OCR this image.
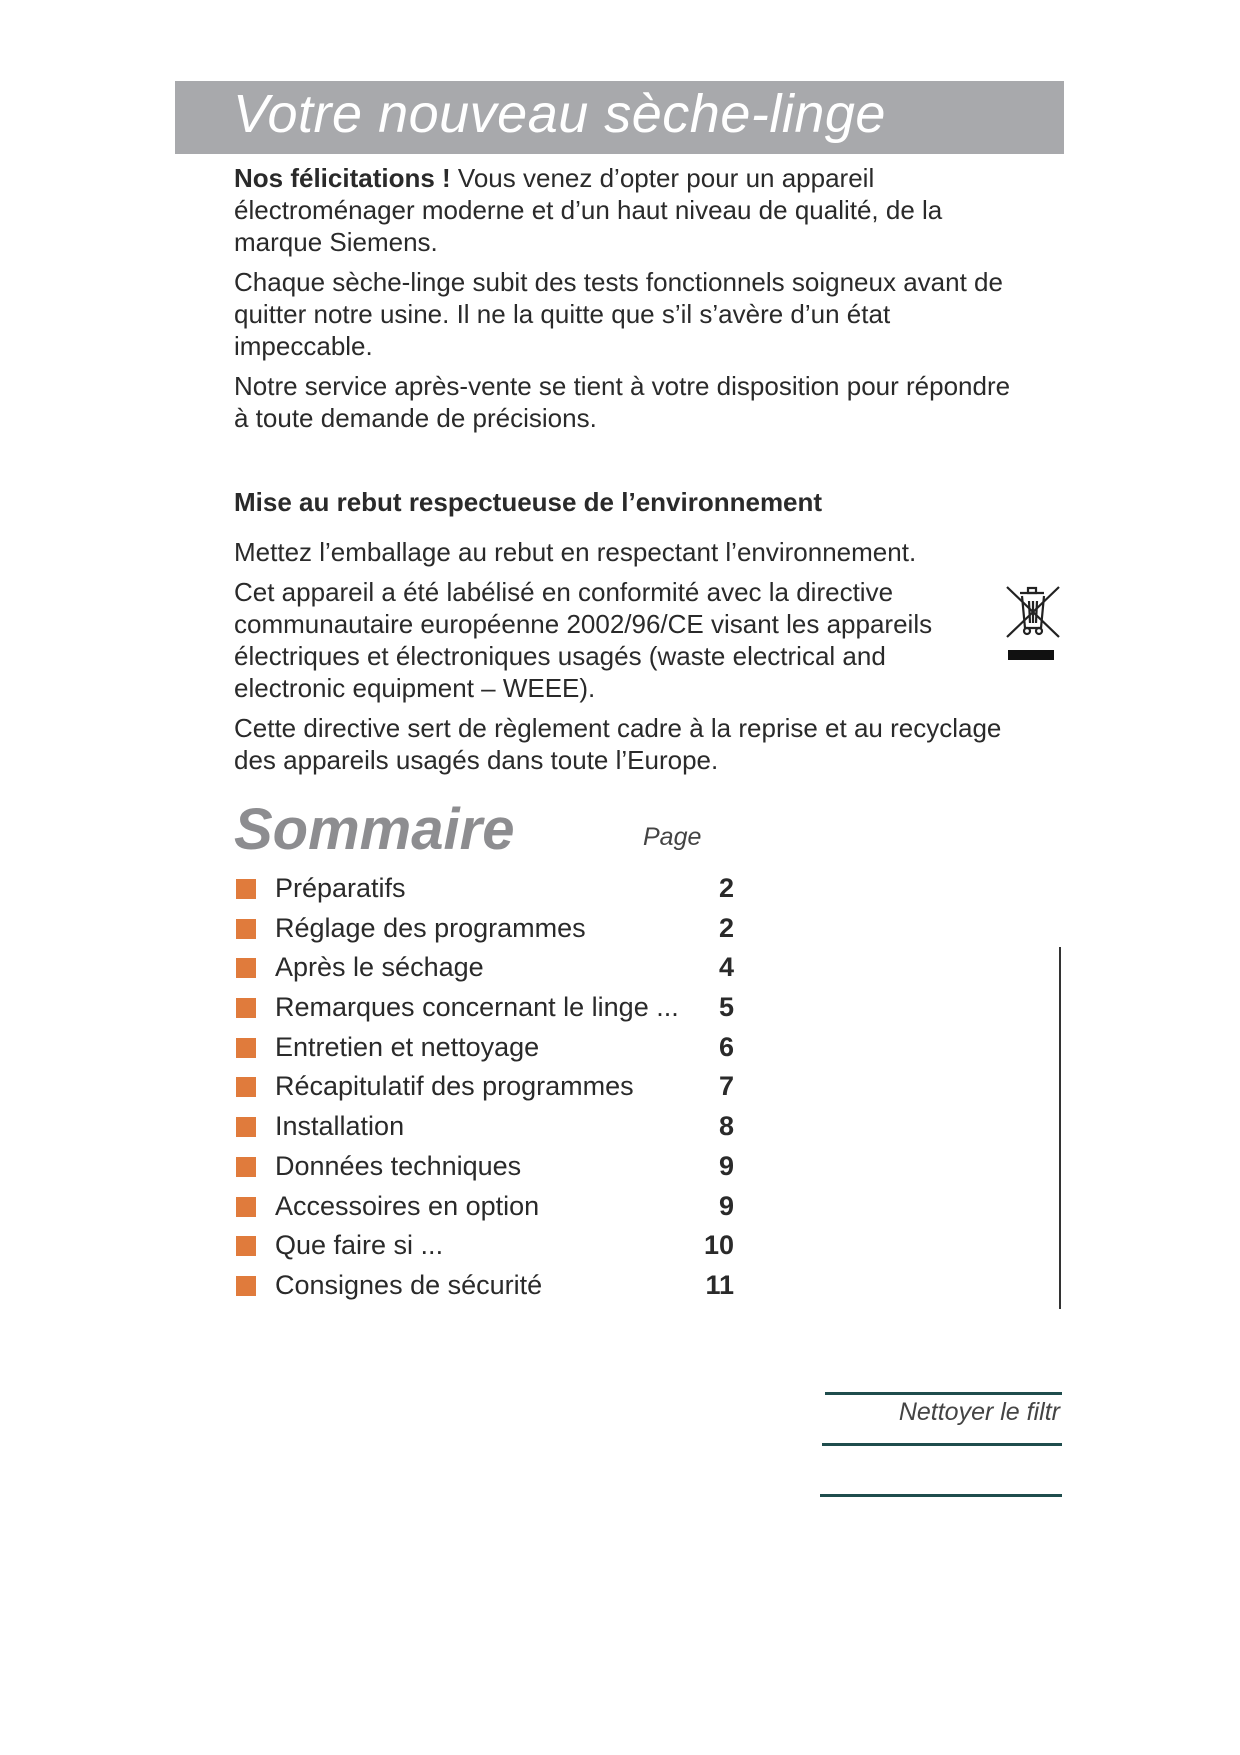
Votre nouveau sèche-linge

Nos félicitations ! Vous venez d’opter pour un appareil électroménager moderne et d’un haut niveau de qualité, de la marque Siemens.

Chaque sèche-linge subit des tests fonctionnels soigneux avant de quitter notre usine. Il ne la quitte que s’il s’avère d’un état impeccable.

Notre service après-vente se tient à votre disposition pour répondre à toute demande de précisions.

Mise au rebut respectueuse de l’environnement

Mettez l’emballage au rebut en respectant l’environnement.

Cet appareil a été labélisé en conformité avec la directive communautaire européenne 2002/96/CE visant les appareils électriques et électroniques usagés (waste electrical and electronic equipment – WEEE).

Cette directive sert de règlement cadre à la reprise et au recyclage des appareils usagés dans toute l’Europe.

Sommaire	Page
Préparatifs	2
Réglage des programmes	2
Après le séchage	4
Remarques concernant le linge ... 5
Entretien et nettoyage	6
Récapitulatif des programmes	7
Installation	8
Données techniques	9
Accessoires en option	9
Que faire si ...	10
Consignes de sécurité	11
Nettoyer le filtr
